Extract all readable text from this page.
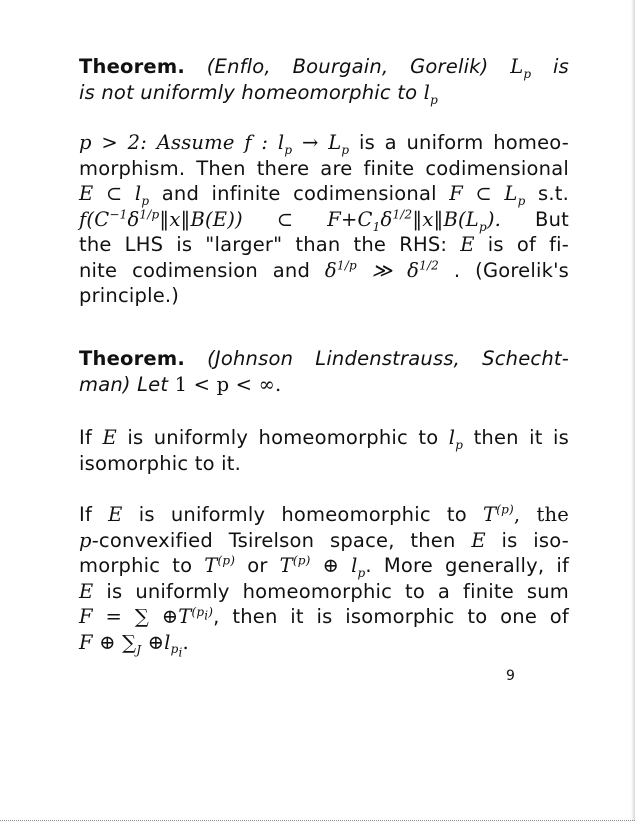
Theorem. (Enflo, Bourgain, Gorelik) $L_p$ is

is not uniformly homeomorphic to $l_p$

p > 2: Assume f : $l_p \to L_p$ is a uniform homeo-

morphism. Then there are finite codimensional

E ⊂ $l_p$ and infinite codimensional F ⊂ $L_p$ s.t.

$f(C^{-1}\delta^{1/p}‖x‖B(E))$ ⊂ $F+C_1\delta^{1/2}‖x‖B(L_p)$. But

the LHS is "larger" than the RHS: E is of fi-

nite codimension and $\delta^{1/p}$ ≫ $\delta^{1/2}$ . (Gorelik's

principle.)

Theorem. (Johnson Lindenstrauss, Schecht-

man) Let 1 < p < ∞.

If E is uniformly homeomorphic to $l_p$ then it is

isomorphic to it.

If E is uniformly homeomorphic to $T^{(p)}$, the

p-convexified Tsirelson space, then E is iso-

morphic to $T^{(p)}$ or $T^{(p)}$ ⊕ $l_p$. More generally, if

E is uniformly homeomorphic to a finite sum

F = ∑ $\oplus T^{(p_i)}$, then it is isomorphic to one of

F ⊕ $\sum_J$ $\oplus l_{p_i}$.

9
